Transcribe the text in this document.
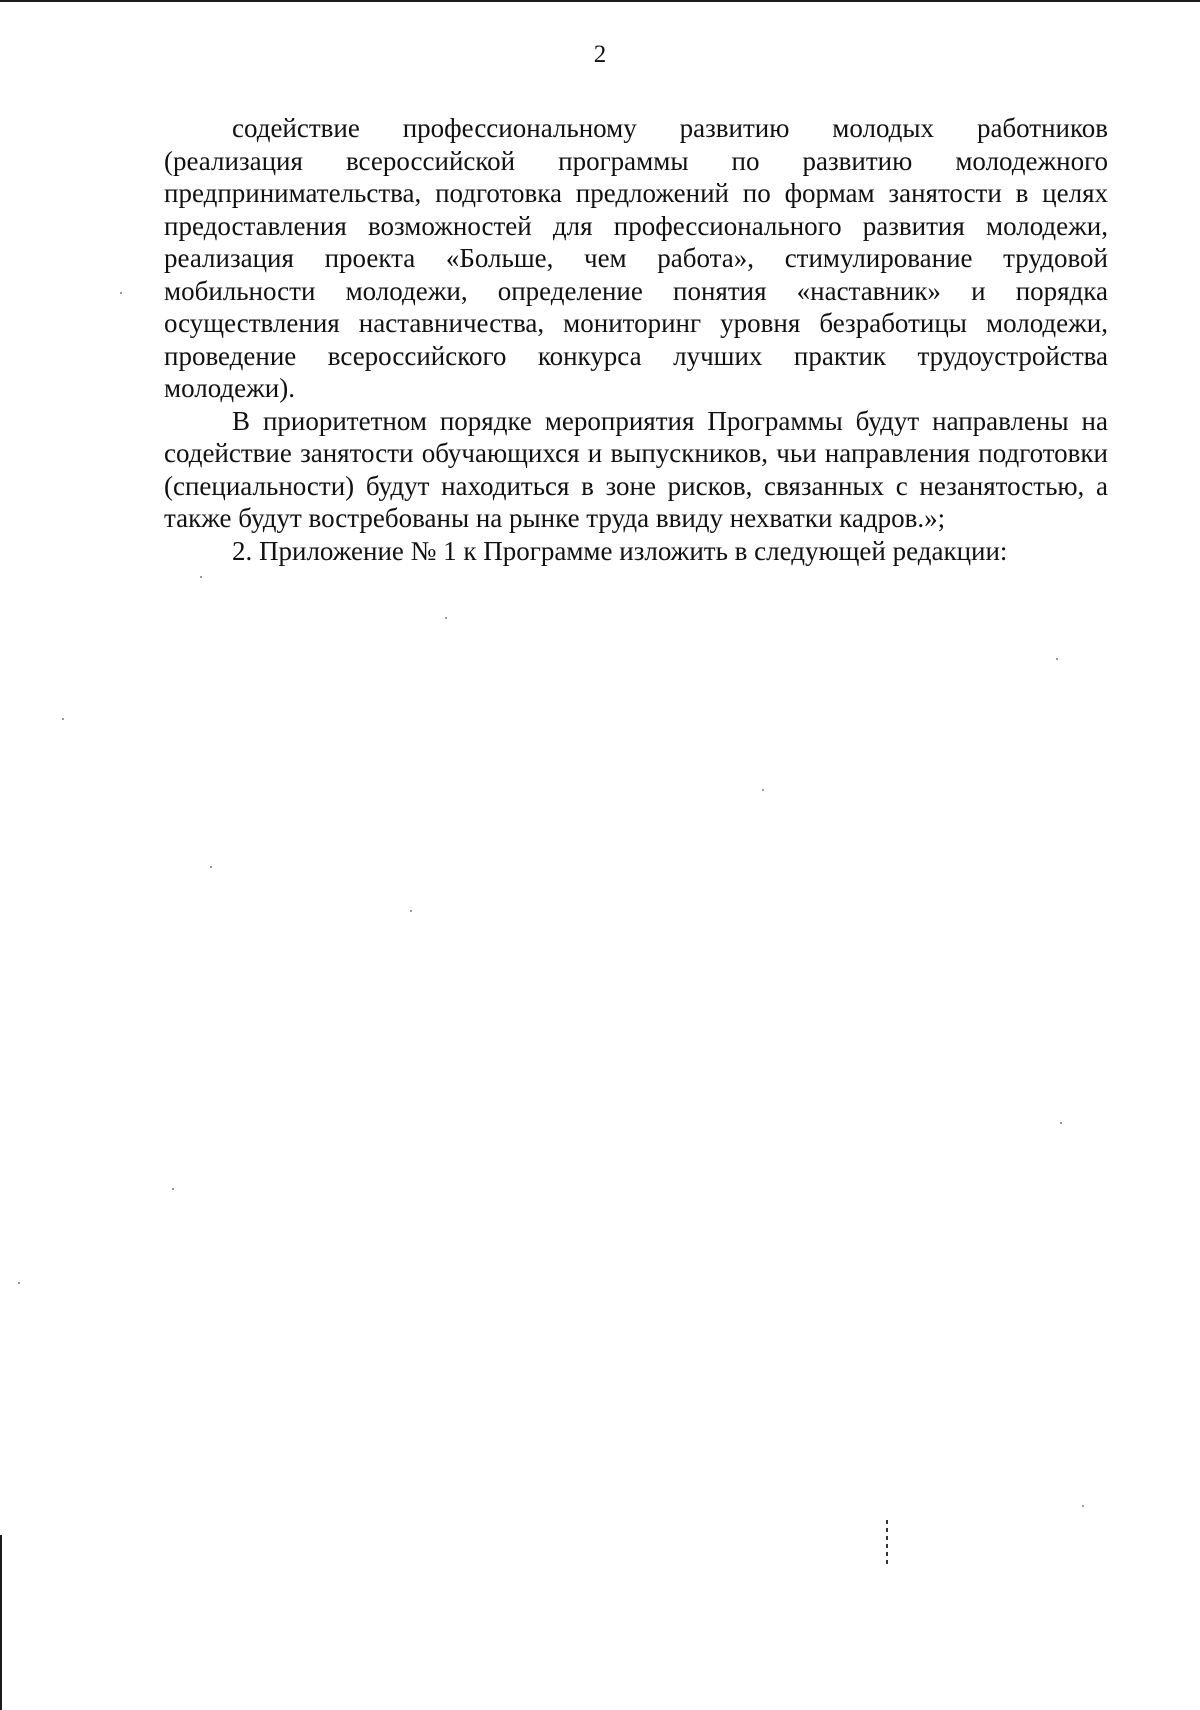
2

содействие профессиональному развитию молодых работников (реализация всероссийской программы по развитию молодежного предпринимательства, подготовка предложений по формам занятости в целях предоставления возможностей для профессионального развития молодежи, реализация проекта «Больше, чем работа», стимулирование трудовой мобильности молодежи, определение понятия «наставник» и порядка осуществления наставничества, мониторинг уровня безработицы молодежи, проведение всероссийского конкурса лучших практик трудоустройства молодежи).

В приоритетном порядке мероприятия Программы будут направлены на содействие занятости обучающихся и выпускников, чьи направления подготовки (специальности) будут находиться в зоне рисков, связанных с незанятостью, а также будут востребованы на рынке труда ввиду нехватки кадров.»;

2. Приложение № 1 к Программе изложить в следующей редакции:
